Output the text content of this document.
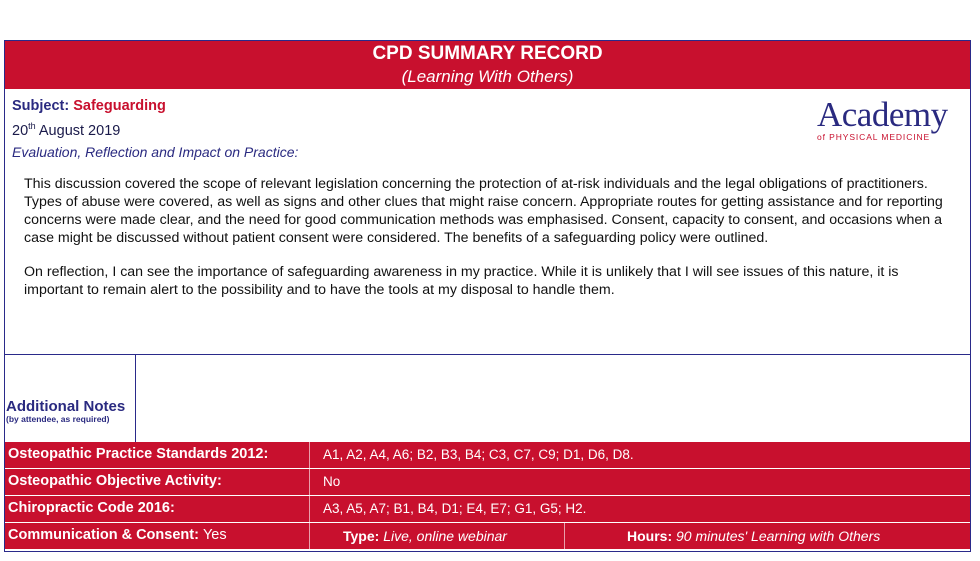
CPD SUMMARY RECORD
(Learning With Others)
Subject: Safeguarding
20th August 2019
Evaluation, Reflection and Impact on Practice:
Academy
of PHYSICAL MEDICINE

This discussion covered the scope of relevant legislation concerning the protection of at-risk individuals and the legal obligations of practitioners. Types of abuse were covered, as well as signs and other clues that might raise concern. Appropriate routes for getting assistance and for reporting concerns were made clear, and the need for good communication methods was emphasised. Consent, capacity to consent, and occasions when a case might be discussed without patient consent were considered. The benefits of a safeguarding policy were outlined.

On reflection, I can see the importance of safeguarding awareness in my practice. While it is unlikely that I will see issues of this nature, it is important to remain alert to the possibility and to have the tools at my disposal to handle them.

Additional Notes
(by attendee, as required)
Osteopathic Practice Standards 2012:	A1, A2, A4, A6; B2, B3, B4; C3, C7, C9; D1, D6, D8.
Osteopathic Objective Activity:	No
Chiropractic Code 2016:	A3, A5, A7; B1, B4, D1; E4, E7; G1, G5; H2.
Communication & Consent: Yes	Type: Live, online webinar	Hours: 90 minutes' Learning with Others
